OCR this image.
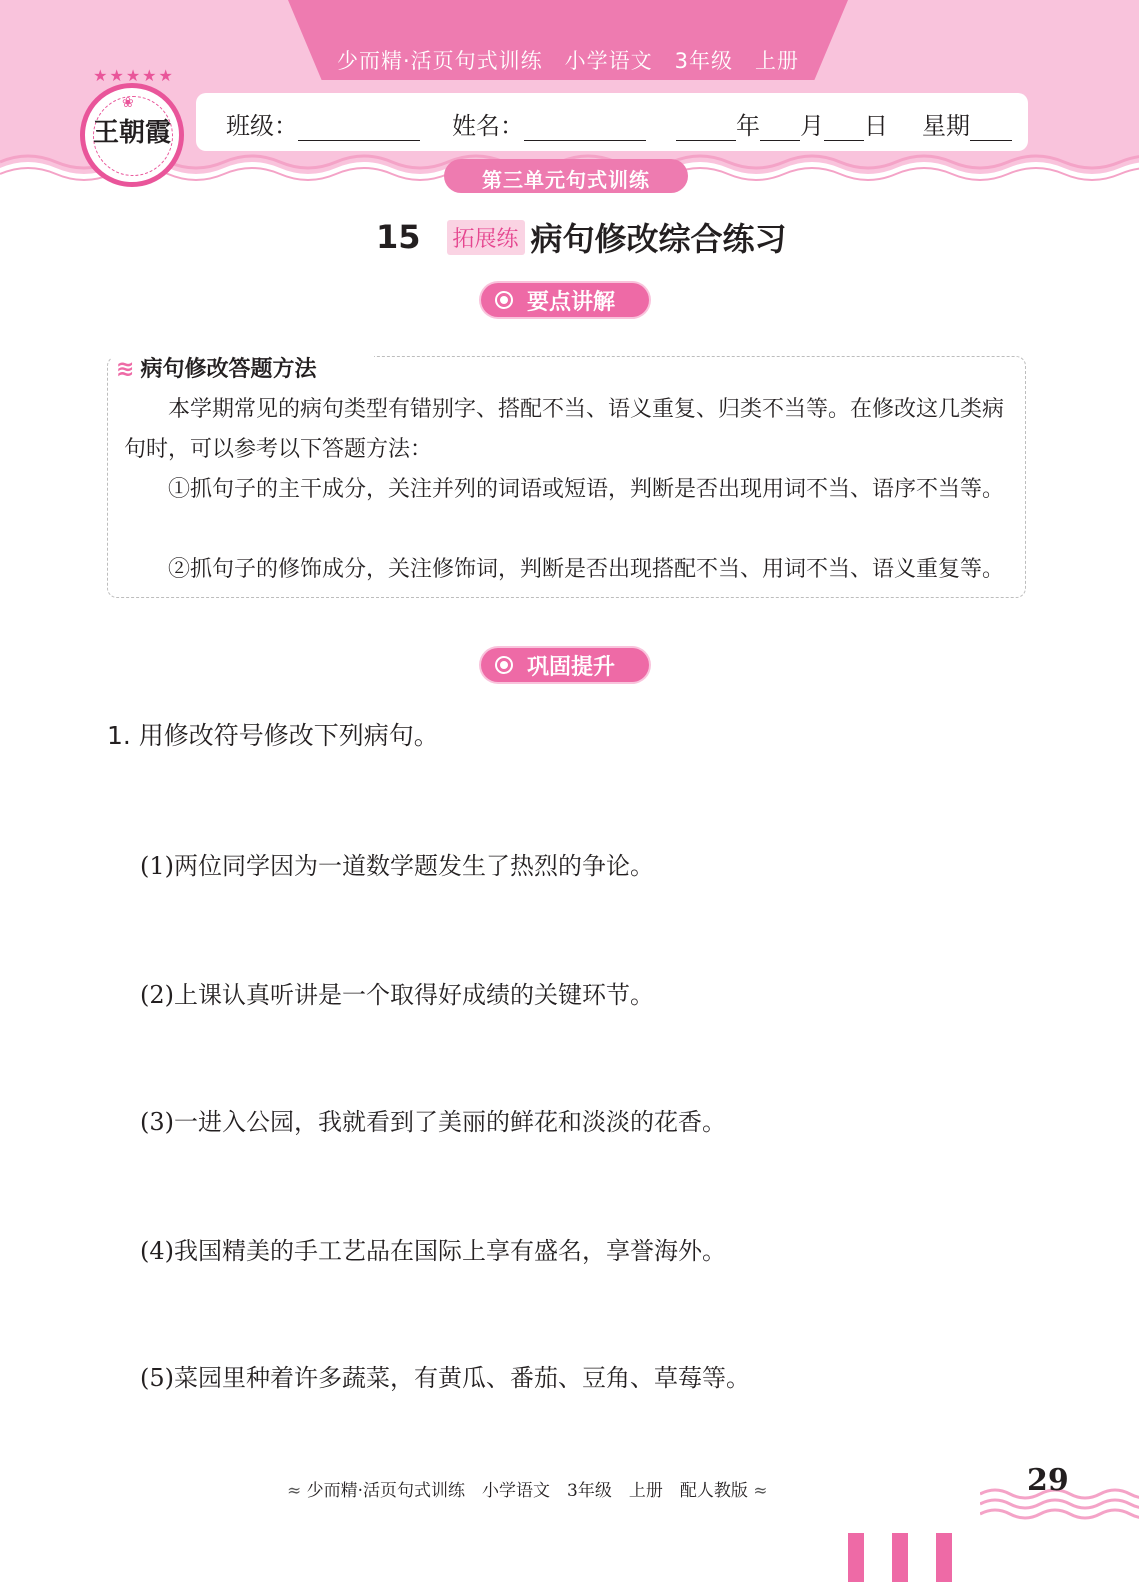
少而精·活页句式训练　小学语文　3年级　上册
★★★★★
❀
王朝霞	班级：	姓名：	年 月 日 星期
第三单元句式训练
15 拓展练 病句修改综合练习
要点讲解
≋ 病句修改答题方法
本学期常见的病句类型有错别字、搭配不当、语义重复、归类不当等。在修改这几类病句时，可以参考以下答题方法：
①抓句子的主干成分，关注并列的词语或短语，判断是否出现用词不当、语序不当等。
②抓句子的修饰成分，关注修饰词，判断是否出现搭配不当、用词不当、语义重复等。
巩固提升
1. 用修改符号修改下列病句。
(1)两位同学因为一道数学题发生了热烈的争论。
(2)上课认真听讲是一个取得好成绩的关键环节。
(3)一进入公园，我就看到了美丽的鲜花和淡淡的花香。
(4)我国精美的手工艺品在国际上享有盛名，享誉海外。
(5)菜园里种着许多蔬菜，有黄瓜、番茄、豆角、草莓等。
≈ 少而精·活页句式训练　小学语文　3年级　上册　配人教版 ≈	29
